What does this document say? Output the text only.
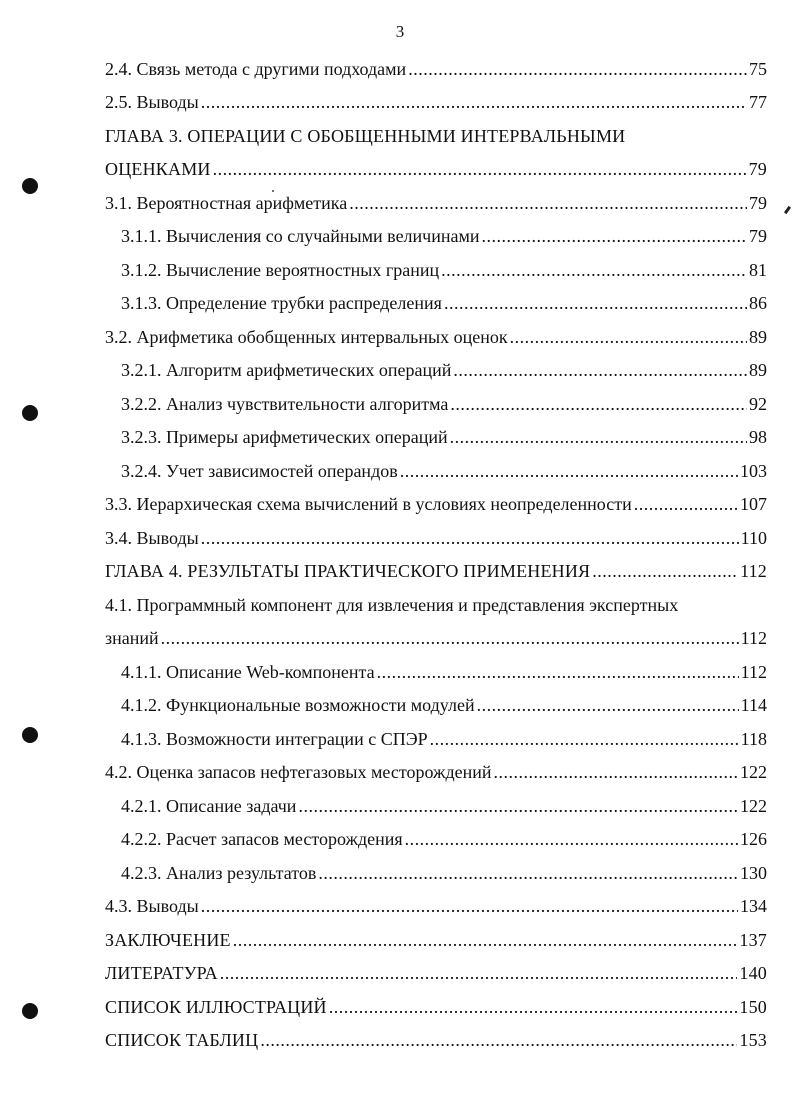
3
2.4. Связь метода с другими подходами .....	75
2.5. Выводы .....	77
ГЛАВА 3. ОПЕРАЦИИ С ОБОБЩЕННЫМИ ИНТЕРВАЛЬНЫМИ
ОЦЕНКАМИ .....	79
3.1. Вероятностная арифметика .....	79
3.1.1. Вычисления со случайными величинами .....	79
3.1.2. Вычисление вероятностных границ .....	81
3.1.3. Определение трубки распределения .....	86
3.2. Арифметика обобщенных интервальных оценок .....	89
3.2.1. Алгоритм арифметических операций .....	89
3.2.2. Анализ чувствительности алгоритма .....	92
3.2.3. Примеры арифметических операций .....	98
3.2.4. Учет зависимостей операндов .....	103
3.3. Иерархическая схема вычислений в условиях неопределенности .....	107
3.4. Выводы .....	110
ГЛАВА 4. РЕЗУЛЬТАТЫ ПРАКТИЧЕСКОГО ПРИМЕНЕНИЯ .....	112
4.1. Программный компонент для извлечения и представления экспертных
знаний .....	112
4.1.1. Описание Web-компонента .....	112
4.1.2. Функциональные возможности модулей .....	114
4.1.3. Возможности интеграции с СПЭР .....	118
4.2. Оценка запасов нефтегазовых месторождений .....	122
4.2.1. Описание задачи .....	122
4.2.2. Расчет запасов месторождения .....	126
4.2.3. Анализ результатов .....	130
4.3. Выводы .....	134
ЗАКЛЮЧЕНИЕ .....	137
ЛИТЕРАТУРА .....	140
СПИСОК ИЛЛЮСТРАЦИЙ .....	150
СПИСОК ТАБЛИЦ .....	153
